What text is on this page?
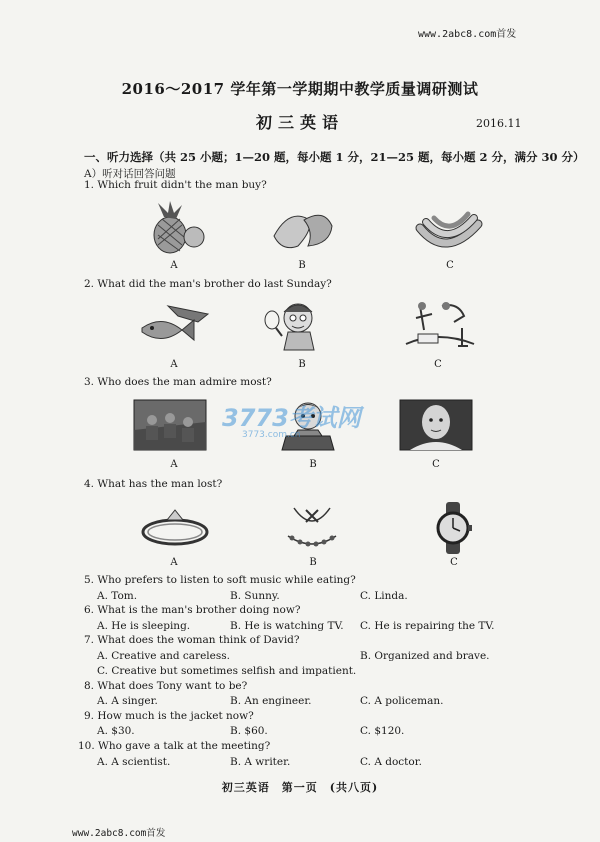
www.2abc8.com首发
2016～2017 学年第一学期期中教学质量调研测试
初三英语	2016.11
一、听力选择（共 25 小题；1—20 题，每小题 1 分，21—25 题，每小题 2 分，满分 30 分）
A）听对话回答问题
1. Which fruit didn't the man buy?
A	B	C
2. What did the man's brother do last Sunday?
A	B	C
3. Who does the man admire most?
A	B	C
3773考试网
3773.com.cn
4. What has the man lost?
A	B	C
5. Who prefers to listen to soft music while eating?
A. Tom.	B. Sunny.	C. Linda.
6. What is the man's brother doing now?
A. He is sleeping.	B. He is watching TV. C. He is repairing the TV.
7. What does the woman think of David?
A. Creative and careless.	B. Organized and brave.
C. Creative but sometimes selfish and impatient.
8. What does Tony want to be?
A. A singer.	B. An engineer.	C. A policeman.
9. How much is the jacket now?
A. $30.	B. $60.	C. $120.
10. Who gave a talk at the meeting?
A. A scientist.	B. A writer.	C. A doctor.
初三英语　第一页　(共八页)
www.2abc8.com首发
